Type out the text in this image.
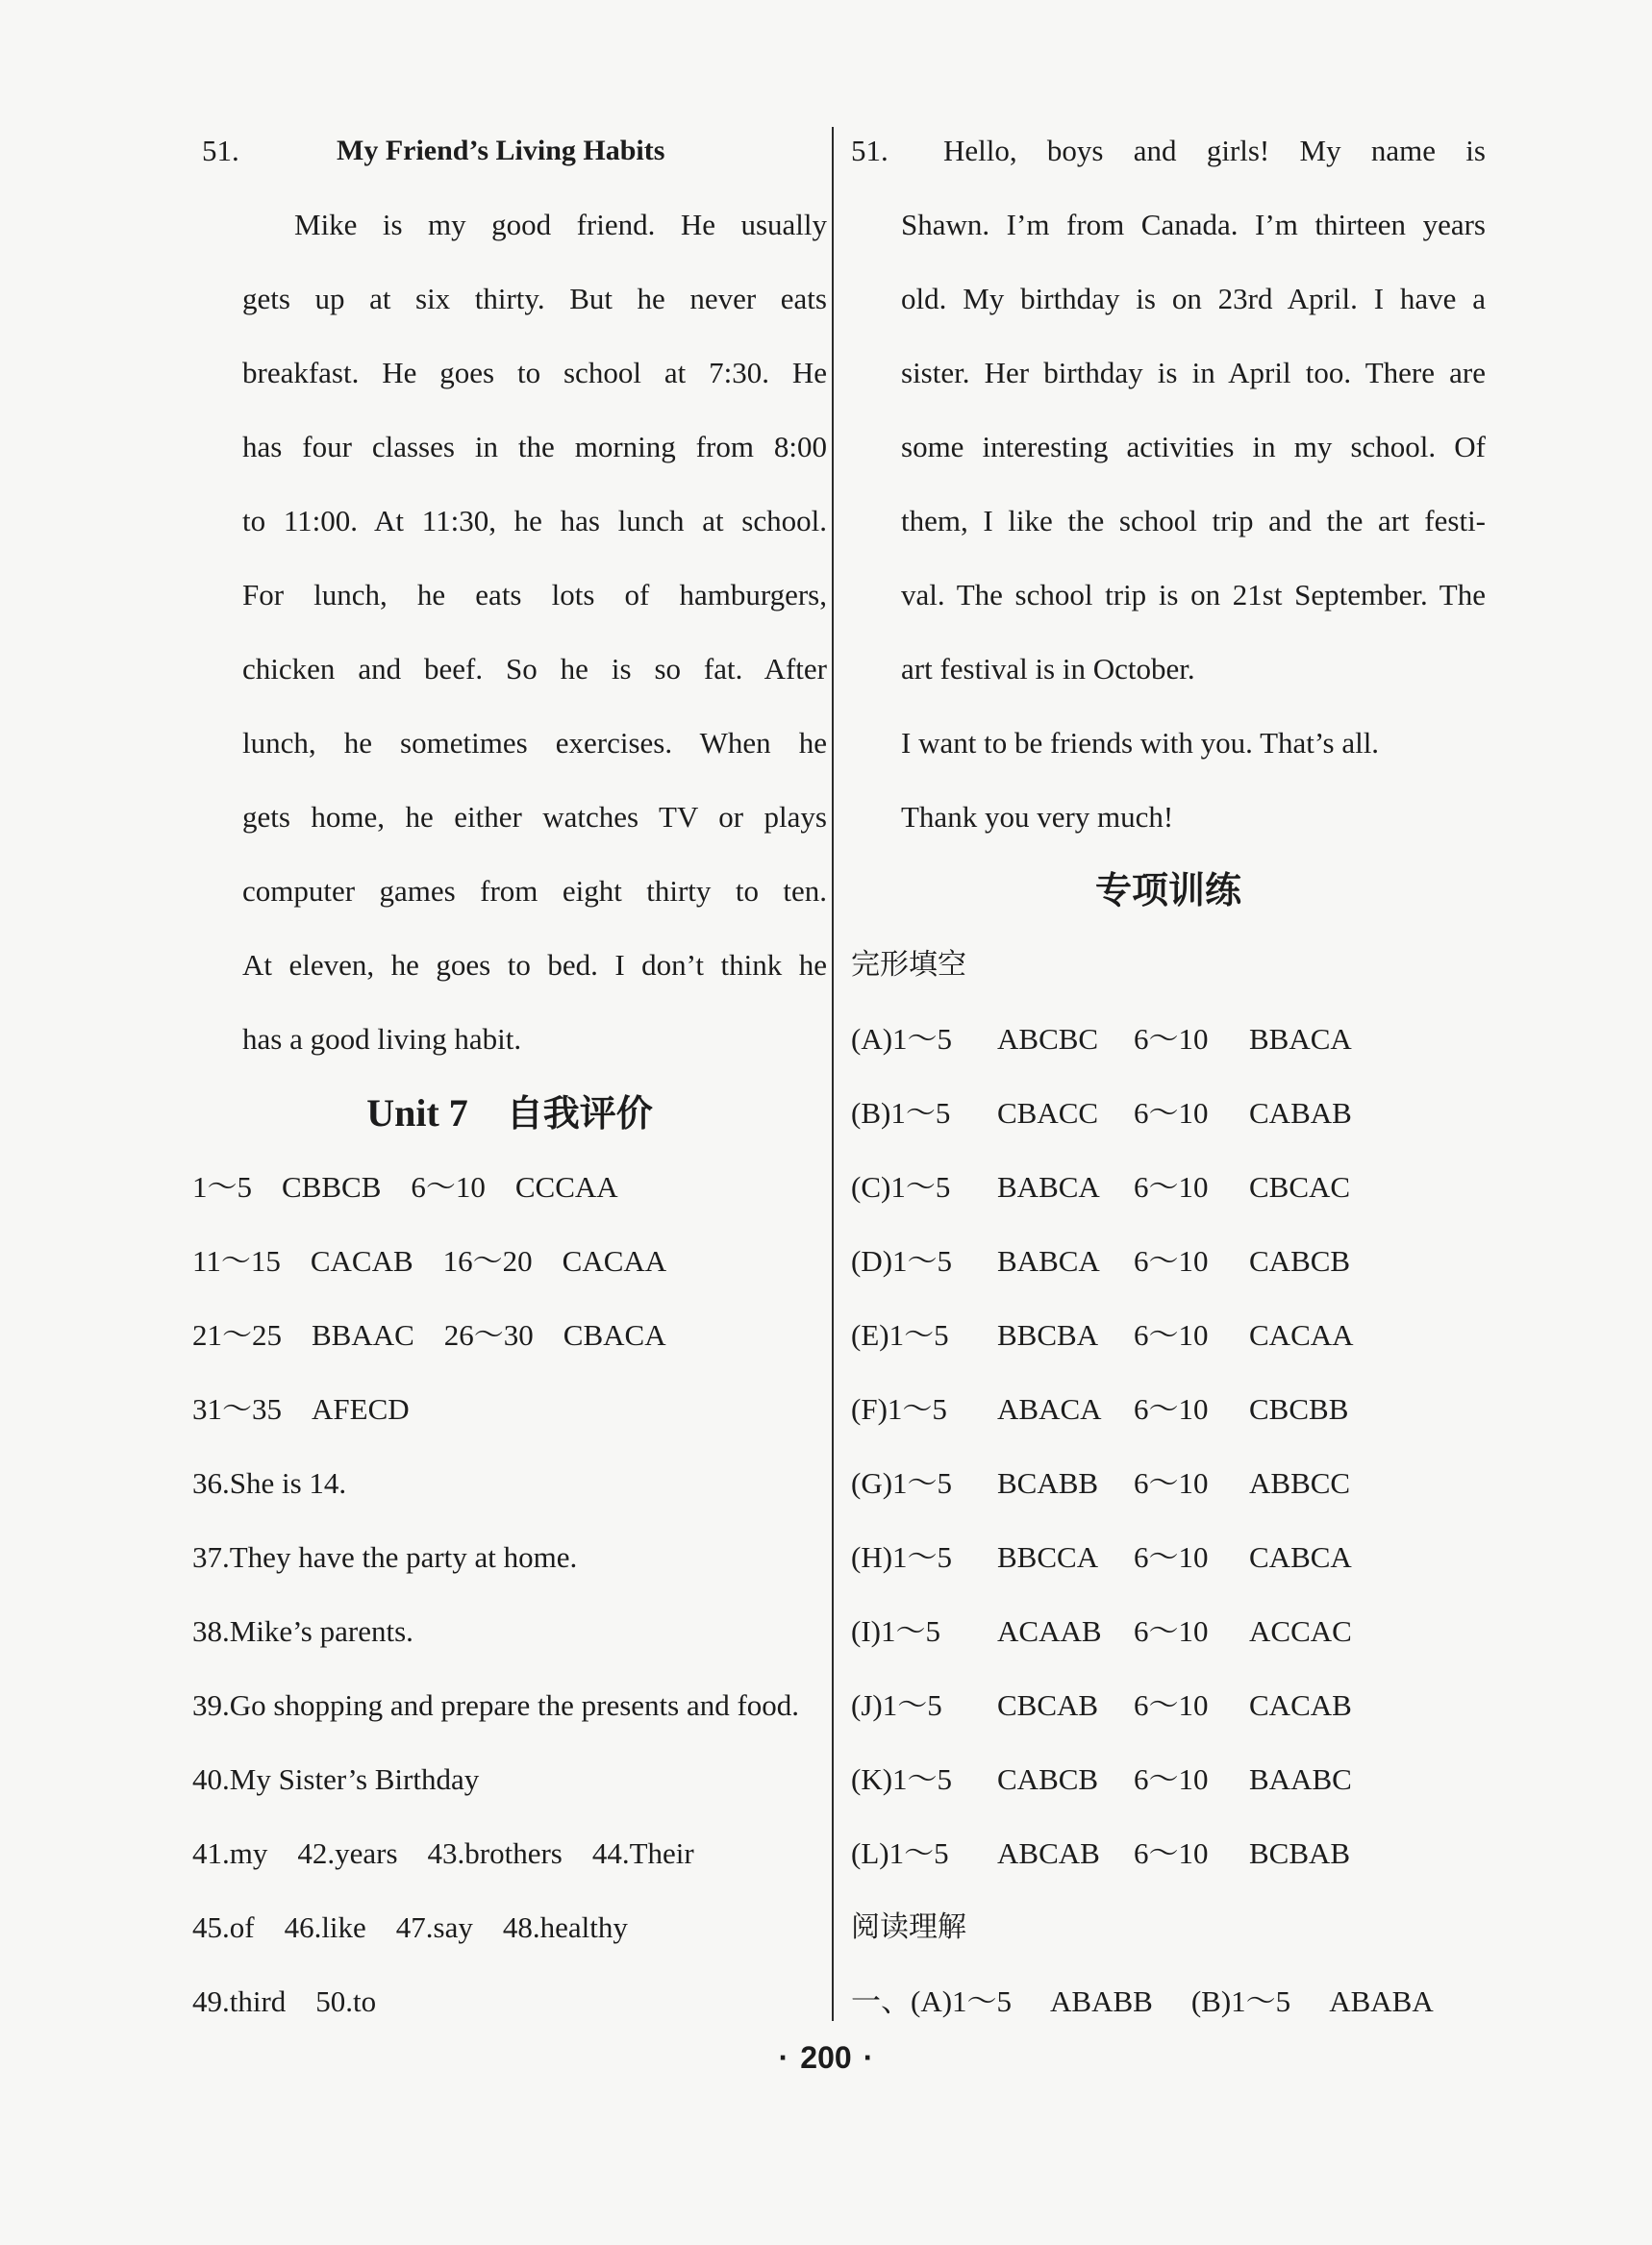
51.	My Friend’s Living Habits
Mike is my good friend. He usually
gets up at six thirty. But he never eats
breakfast. He goes to school at 7:30. He
has four classes in the morning from 8:00
to 11:00. At 11:30, he has lunch at school.
For lunch, he eats lots of hamburgers,
chicken and beef. So he is so fat. After
lunch, he sometimes exercises. When he
gets home, he either watches TV or plays
computer games from eight thirty to ten.
At eleven, he goes to bed. I don’t think he
has a good living habit.
Unit 7 自我评价
1～5　CBBCB　6～10　CCCAA
11～15　CACAB　16～20　CACAA
21～25　BBAAC　26～30　CBACA
31～35　AFECD
36.She is 14.
37.They have the party at home.
38.Mike’s parents.
39.Go shopping and prepare the presents and food.
40.My Sister’s Birthday
41.my　42.years　43.brothers　44.Their
45.of　46.like　47.say　48.healthy
49.third　50.to
51.	Hello, boys and girls! My name is
Shawn. I’m from Canada. I’m thirteen years
old. My birthday is on 23rd April. I have a
sister. Her birthday is in April too. There are
some interesting activities in my school. Of
them, I like the school trip and the art festi-
val. The school trip is on 21st September. The
art festival is in October.
I want to be friends with you. That’s all.
Thank you very much!
专项训练
完形填空
(A)1～5	ABCBC	6～10	BBACA
(B)1～5	CBACC	6～10	CABAB
(C)1～5	BABCA	6～10	CBCAC
(D)1～5	BABCA	6～10	CABCB
(E)1～5	BBCBA	6～10	CACAA
(F)1～5	ABACA	6～10	CBCBB
(G)1～5	BCABB	6～10	ABBCC
(H)1～5	BBCCA	6～10	CABCA
(I)1～5	ACAAB	6～10	ACCAC
(J)1～5	CBCAB	6～10	CACAB
(K)1～5	CABCB	6～10	BAABC
(L)1～5	ABCAB	6～10	BCBAB
阅读理解
一、(A)1～5 ABABB (B)1～5 ABABA
· 200 ·
